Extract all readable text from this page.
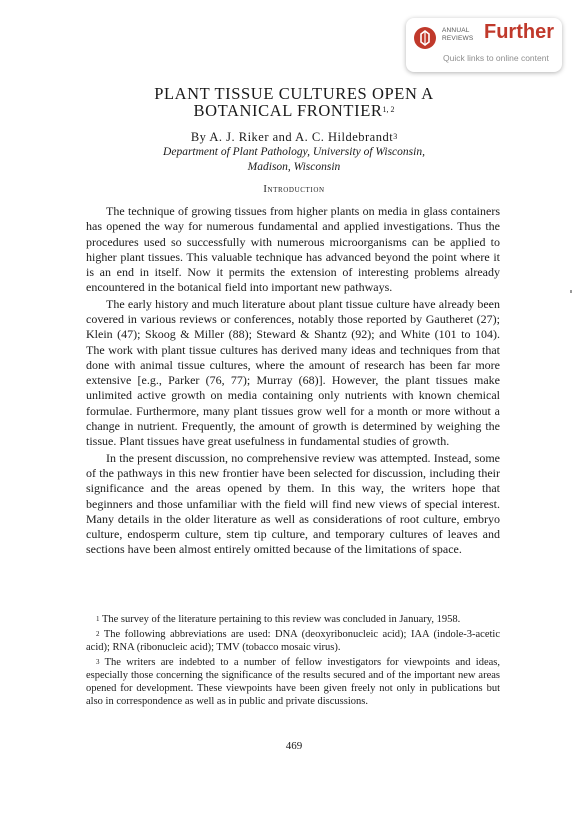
ANNUAL
REVIEWS Further
Quick links to online content
PLANT TISSUE CULTURES OPEN A
BOTANICAL FRONTIER$^{1, 2}$
By A. J. Riker and A. C. Hildebrandt$^3$
Department of Plant Pathology, University of Wisconsin,
Madison, Wisconsin
Introduction

The technique of growing tissues from higher plants on media in glass containers has opened the way for numerous fundamental and applied investigations. Thus the procedures used so successfully with numerous microorganisms can be applied to higher plant tissues. This valuable technique has advanced beyond the point where it is an end in itself. Now it permits the extension of interesting problems already encountered in the botanical field into important new pathways.

The early history and much literature about plant tissue culture have already been covered in various reviews or conferences, notably those reported by Gautheret (27); Klein (47); Skoog & Miller (88); Steward & Shantz (92); and White (101 to 104). The work with plant tissue cultures has derived many ideas and techniques from that done with animal tissue cultures, where the amount of research has been far more extensive [e.g., Parker (76, 77); Murray (68)]. However, the plant tissues make unlimited active growth on media containing only nutrients with known chemical formulae. Furthermore, many plant tissues grow well for a month or more without a change in nutrient. Frequently, the amount of growth is determined by weighing the tissue. Plant tissues have great usefulness in fundamental studies of growth.

In the present discussion, no comprehensive review was attempted. Instead, some of the pathways in this new frontier have been selected for discussion, including their significance and the areas opened by them. In this way, the writers hope that beginners and those unfamiliar with the field will find new views of special interest. Many details in the older literature as well as considerations of root culture, embryo culture, endosperm culture, stem tip culture, and temporary cultures of leaves and sections have been almost entirely omitted because of the limitations of space.

$^1$ The survey of the literature pertaining to this review was concluded in January, 1958.

$^2$ The following abbreviations are used: DNA (deoxyribonucleic acid); IAA (indole-3-acetic acid); RNA (ribonucleic acid); TMV (tobacco mosaic virus).

$^3$ The writers are indebted to a number of fellow investigators for viewpoints and ideas, especially those concerning the significance of the results secured and of the important new areas opened for development. These viewpoints have been given freely not only in publications but also in correspondence as well as in public and private discussions.

469
